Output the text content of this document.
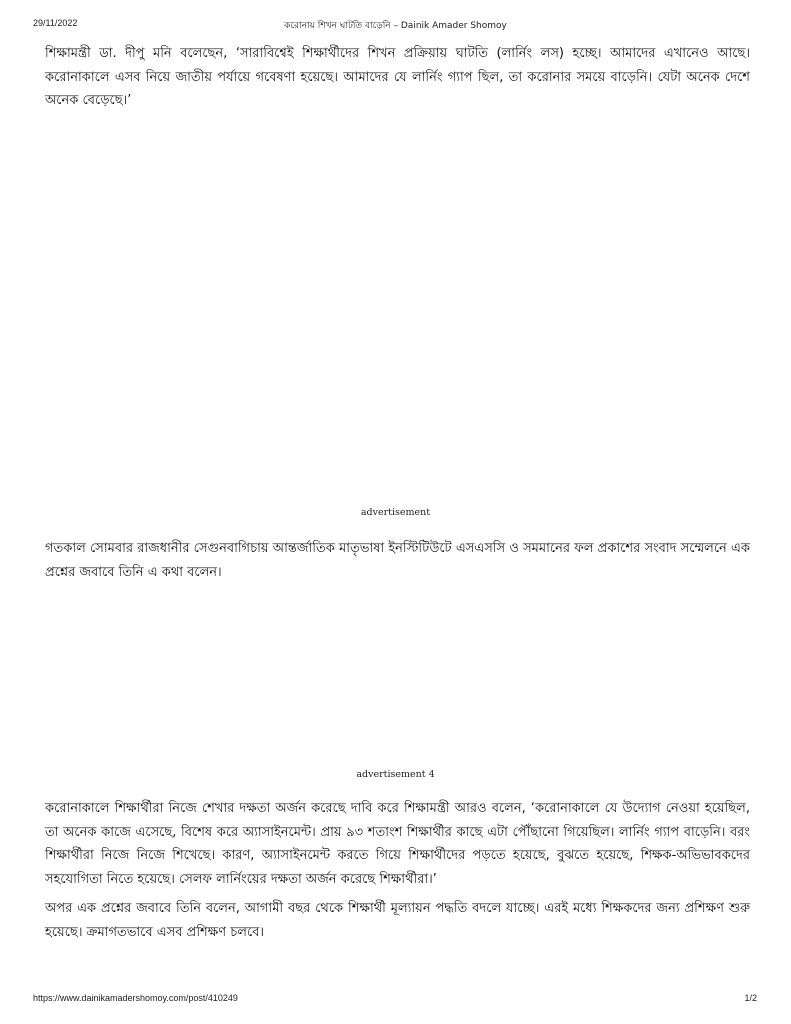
29/11/2022	করোনায় শিখন ঘাটতি বাড়েনি – Dainik Amader Shomoy

শিক্ষামন্ত্রী ডা. দীপু মনি বলেছেন, ‘সারাবিশ্বেই শিক্ষার্থীদের শিখন প্রক্রিয়ায় ঘাটতি (লার্নিং লস) হচ্ছে। আমাদের এখানেও আছে। করোনাকালে এসব নিয়ে জাতীয় পর্যায়ে গবেষণা হয়েছে। আমাদের যে লার্নিং গ্যাপ ছিল, তা করোনার সময়ে বাড়েনি। যেটা অনেক দেশে অনেক বেড়েছে।’

advertisement

গতকাল সোমবার রাজধানীর সেগুনবাগিচায় আন্তর্জাতিক মাতৃভাষা ইনস্টিটিউটে এসএসসি ও সমমানের ফল প্রকাশের সংবাদ সম্মেলনে এক প্রশ্নের জবাবে তিনি এ কথা বলেন।

advertisement 4

করোনাকালে শিক্ষার্থীরা নিজে শেখার দক্ষতা অর্জন করেছে দাবি করে শিক্ষামন্ত্রী আরও বলেন, ‘করোনাকালে যে উদ্যোগ নেওয়া হয়েছিল, তা অনেক কাজে এসেছে, বিশেষ করে অ্যাসাইনমেন্ট। প্রায় ৯৩ শতাংশ শিক্ষার্থীর কাছে এটা পৌঁছানো গিয়েছিল। লার্নিং গ্যাপ বাড়েনি। বরং শিক্ষার্থীরা নিজে নিজে শিখেছে। কারণ, অ্যাসাইনমেন্ট করতে গিয়ে শিক্ষার্থীদের পড়তে হয়েছে, বুঝতে হয়েছে, শিক্ষক-অভিভাবকদের সহযোগিতা নিতে হয়েছে। সেলফ লার্নিংয়ের দক্ষতা অর্জন করেছে শিক্ষার্থীরা।’

অপর এক প্রশ্নের জবাবে তিনি বলেন, আগামী বছর থেকে শিক্ষার্থী মূল্যায়ন পদ্ধতি বদলে যাচ্ছে। এরই মধ্যে শিক্ষকদের জন্য প্রশিক্ষণ শুরু হয়েছে। ক্রমাগতভাবে এসব প্রশিক্ষণ চলবে।

https://www.dainikamadershomoy.com/post/410249	1/2
